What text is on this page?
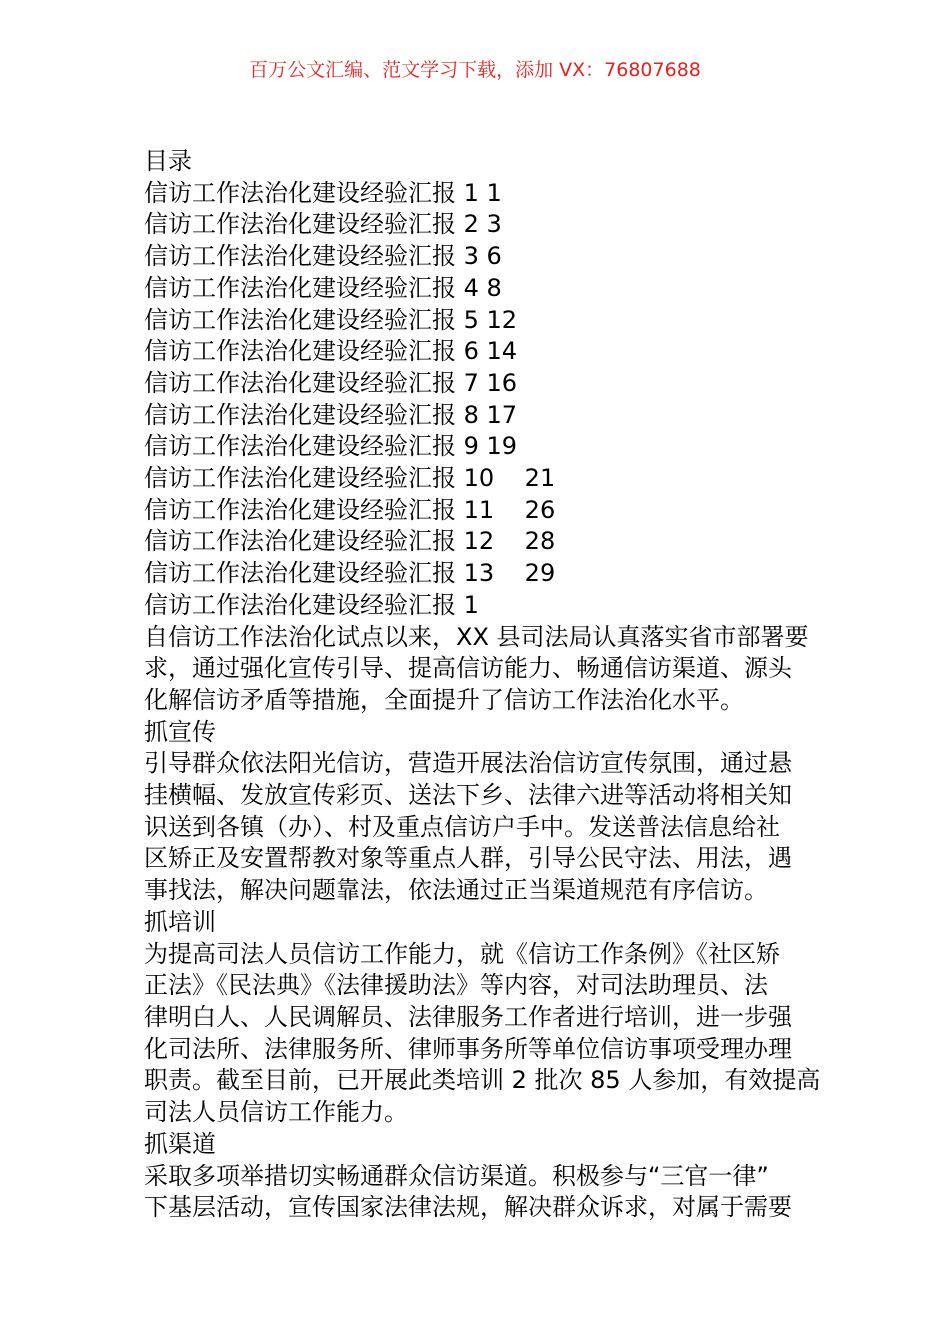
百万公文汇编、范文学习下载，添加 VX：76807688
目录
信访工作法治化建设经验汇报 1 1
信访工作法治化建设经验汇报 2 3
信访工作法治化建设经验汇报 3 6
信访工作法治化建设经验汇报 4 8
信访工作法治化建设经验汇报 5 12
信访工作法治化建设经验汇报 6 14
信访工作法治化建设经验汇报 7 16
信访工作法治化建设经验汇报 8 17
信访工作法治化建设经验汇报 9 19
信访工作法治化建设经验汇报 10    21
信访工作法治化建设经验汇报 11    26
信访工作法治化建设经验汇报 12    28
信访工作法治化建设经验汇报 13    29
信访工作法治化建设经验汇报 1
自信访工作法治化试点以来，XX 县司法局认真落实省市部署要
求，通过强化宣传引导、提高信访能力、畅通信访渠道、源头
化解信访矛盾等措施，全面提升了信访工作法治化水平。
抓宣传
引导群众依法阳光信访，营造开展法治信访宣传氛围，通过悬
挂横幅、发放宣传彩页、送法下乡、法律六进等活动将相关知
识送到各镇（办）、村及重点信访户手中。发送普法信息给社
区矫正及安置帮教对象等重点人群，引导公民守法、用法，遇
事找法，解决问题靠法，依法通过正当渠道规范有序信访。
抓培训
为提高司法人员信访工作能力，就《信访工作条例》《社区矫
正法》《民法典》《法律援助法》等内容，对司法助理员、法
律明白人、人民调解员、法律服务工作者进行培训，进一步强
化司法所、法律服务所、律师事务所等单位信访事项受理办理
职责。截至目前，已开展此类培训 2 批次 85 人参加，有效提高
司法人员信访工作能力。
抓渠道
采取多项举措切实畅通群众信访渠道。积极参与“三官一律”
下基层活动，宣传国家法律法规，解决群众诉求，对属于需要
